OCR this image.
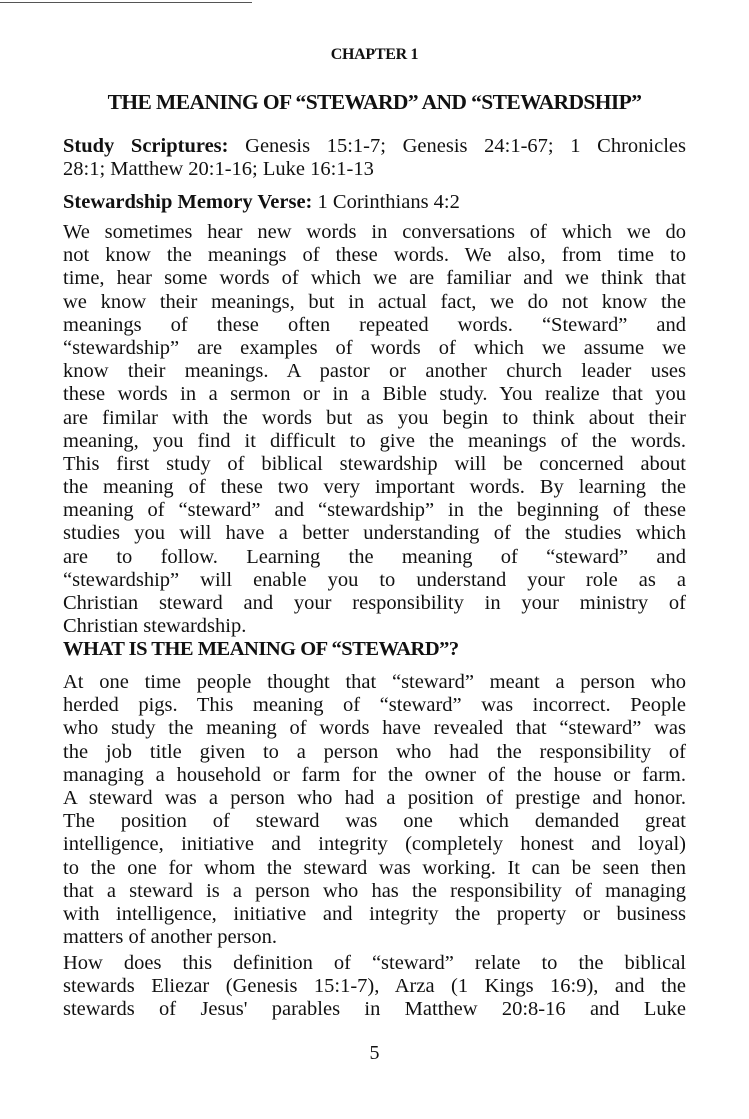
CHAPTER 1
THE MEANING OF “STEWARD” AND “STEWARDSHIP”
Study Scriptures: Genesis 15:1-7; Genesis 24:1-67; 1 Chronicles
28:1; Matthew 20:1-16; Luke 16:1-13
Stewardship Memory Verse: 1 Corinthians 4:2
We sometimes hear new words in conversations of which we do
not know the meanings of these words. We also, from time to
time, hear some words of which we are familiar and we think that
we know their meanings, but in actual fact, we do not know the
meanings of these often repeated words. “Steward” and
“stewardship” are examples of words of which we assume we
know their meanings. A pastor or another church leader uses
these words in a sermon or in a Bible study. You realize that you
are fimilar with the words but as you begin to think about their
meaning, you find it difficult to give the meanings of the words.
This first study of biblical stewardship will be concerned about
the meaning of these two very important words. By learning the
meaning of “steward” and “stewardship” in the beginning of these
studies you will have a better understanding of the studies which
are to follow. Learning the meaning of “steward” and
“stewardship” will enable you to understand your role as a
Christian steward and your responsibility in your ministry of
Christian stewardship.
WHAT IS THE MEANING OF “STEWARD”?
At one time people thought that “steward” meant a person who
herded pigs. This meaning of “steward” was incorrect. People
who study the meaning of words have revealed that “steward” was
the job title given to a person who had the responsibility of
managing a household or farm for the owner of the house or farm.
A steward was a person who had a position of prestige and honor.
The position of steward was one which demanded great
intelligence, initiative and integrity (completely honest and loyal)
to the one for whom the steward was working. It can be seen then
that a steward is a person who has the responsibility of managing
with intelligence, initiative and integrity the property or business
matters of another person.
How does this definition of “steward” relate to the biblical
stewards Eliezar (Genesis 15:1-7), Arza (1 Kings 16:9), and the
stewards of Jesus' parables in Matthew 20:8-16 and Luke
5
